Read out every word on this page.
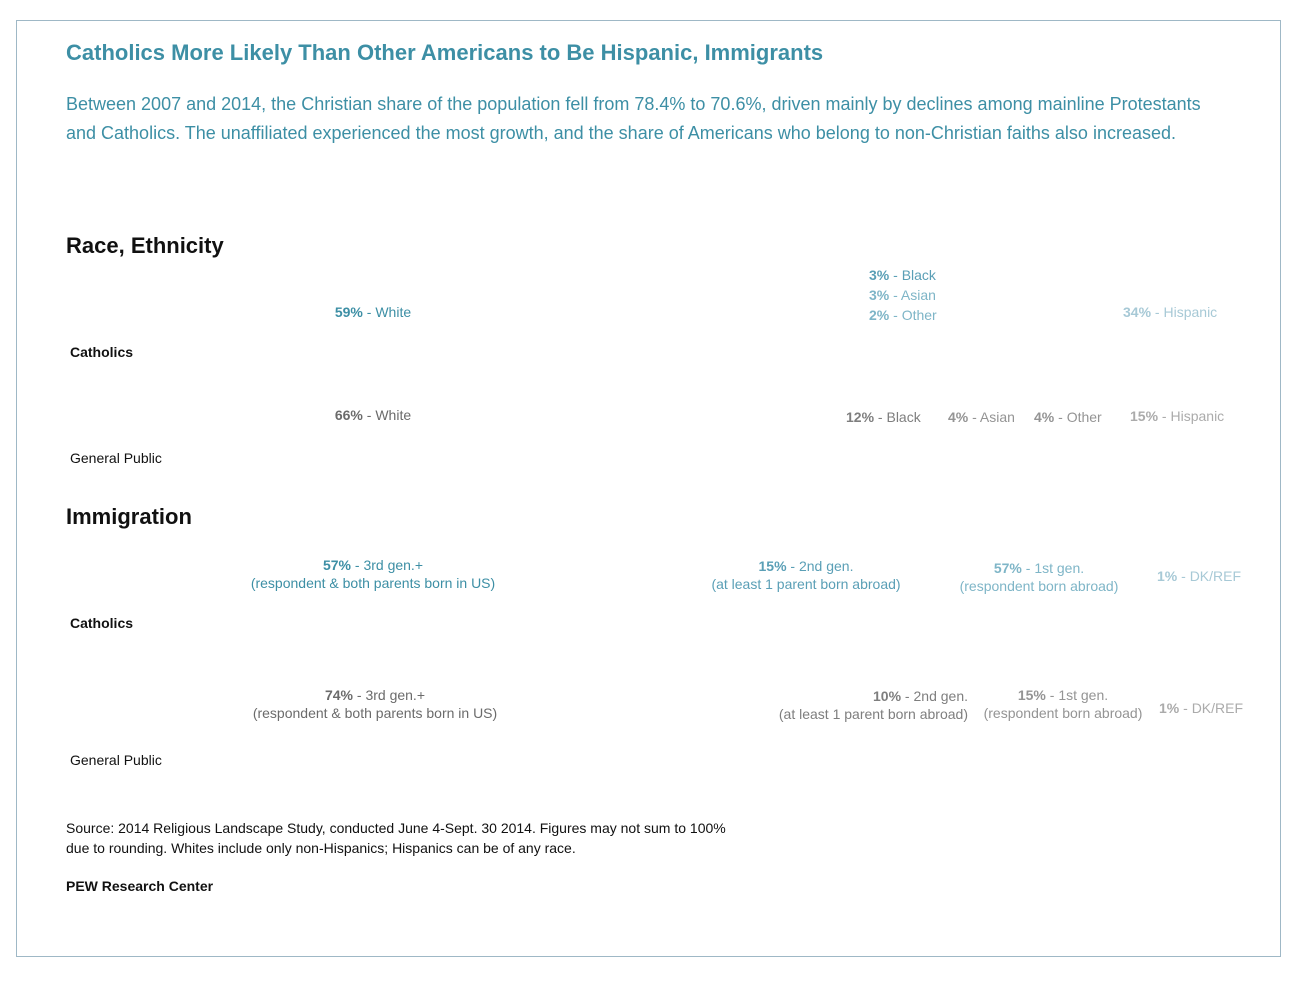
Catholics More Likely Than Other Americans to Be Hispanic, Immigrants

Between 2007 and 2014, the Christian share of the population fell from 78.4% to 70.6%, driven mainly by declines among mainline Protestants and Catholics. The unaffiliated experienced the most growth, and the share of Americans who belong to non-Christian faiths also increased.

Race, Ethnicity
59% - White
3% - Black
3% - Asian
2% - Other	34% - Hispanic
Catholics
66% - White	12% - Black 4% - Asian 4% - Other 15% - Hispanic
General Public
Immigration
57% - 3rd gen.+
(respondent & both parents born in US)
15% - 2nd gen.
(at least 1 parent born abroad)
57% - 1st gen.
(respondent born abroad)
1% - DK/REF
Catholics
74% - 3rd gen.+
(respondent & both parents born in US)
10% - 2nd gen.
(at least 1 parent born abroad)
15% - 1st gen.
(respondent born abroad) 1% - DK/REF
General Public

Source: 2014 Religious Landscape Study, conducted June 4-Sept. 30 2014. Figures may not sum to 100% due to rounding. Whites include only non-Hispanics; Hispanics can be of any race.

PEW Research Center
